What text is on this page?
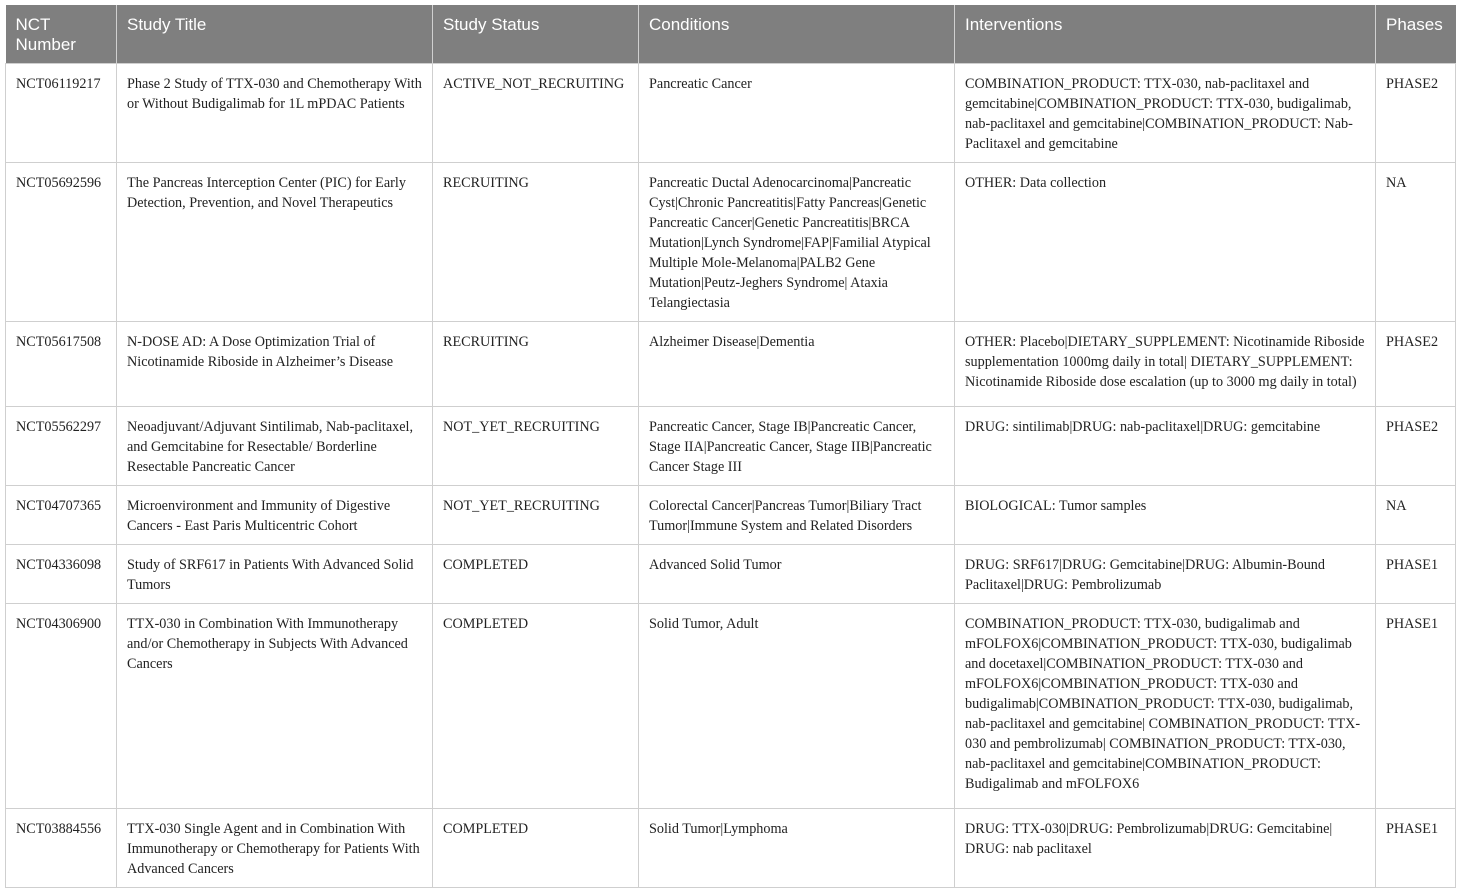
NCT Number	Study Title	Study Status	Conditions	Interventions	Phases
NCT06119217	Phase 2 Study of TTX-030 and Chemotherapy With or Without Budigalimab for 1L mPDAC Patients	ACTIVE_NOT_RECRUITING	Pancreatic Cancer	COMBINATION_PRODUCT: TTX-030, nab-paclitaxel and gemcitabine|COMBINATION_PRODUCT: TTX-030, budigalimab, nab-paclitaxel and gemcitabine|COMBINATION_PRODUCT: Nab-Paclitaxel and gemcitabine	PHASE2
NCT05692596	The Pancreas Interception Center (PIC) for Early Detection, Prevention, and Novel Therapeutics	RECRUITING	Pancreatic Ductal Adenocarcinoma|Pancreatic Cyst|Chronic Pancreatitis|Fatty Pancreas|Genetic Pancreatic Cancer|Genetic Pancreatitis|BRCA Mutation|Lynch Syndrome|FAP|Familial Atypical Multiple Mole-Melanoma|PALB2 Gene Mutation|Peutz-Jeghers Syndrome| Ataxia Telangiectasia	OTHER: Data collection	NA
NCT05617508	N-DOSE AD: A Dose Optimization Trial of Nicotinamide Riboside in Alzheimer’s Disease	RECRUITING	Alzheimer Disease|Dementia	OTHER: Placebo|DIETARY_SUPPLEMENT: Nicotinamide Riboside supplementation 1000mg daily in total| DIETARY_SUPPLEMENT: Nicotinamide Riboside dose escalation (up to 3000 mg daily in total)	PHASE2
NCT05562297	Neoadjuvant/Adjuvant Sintilimab, Nab-paclitaxel, and Gemcitabine for Resectable/ Borderline Resectable Pancreatic Cancer	NOT_YET_RECRUITING	Pancreatic Cancer, Stage IB|Pancreatic Cancer, Stage IIA|Pancreatic Cancer, Stage IIB|Pancreatic Cancer Stage III	DRUG: sintilimab|DRUG: nab-paclitaxel|DRUG: gemcitabine	PHASE2
NCT04707365	Microenvironment and Immunity of Digestive Cancers - East Paris Multicentric Cohort	NOT_YET_RECRUITING	Colorectal Cancer|Pancreas Tumor|Biliary Tract Tumor|Immune System and Related Disorders	BIOLOGICAL: Tumor samples	NA
NCT04336098	Study of SRF617 in Patients With Advanced Solid Tumors	COMPLETED	Advanced Solid Tumor	DRUG: SRF617|DRUG: Gemcitabine|DRUG: Albumin-Bound Paclitaxel|DRUG: Pembrolizumab	PHASE1
NCT04306900	TTX-030 in Combination With Immunotherapy and/or Chemotherapy in Subjects With Advanced Cancers	COMPLETED	Solid Tumor, Adult	COMBINATION_PRODUCT: TTX-030, budigalimab and mFOLFOX6|COMBINATION_PRODUCT: TTX-030, budigalimab and docetaxel|COMBINATION_PRODUCT: TTX-030 and mFOLFOX6|COMBINATION_PRODUCT: TTX-030 and budigalimab|COMBINATION_PRODUCT: TTX-030, budigalimab, nab-paclitaxel and gemcitabine| COMBINATION_PRODUCT: TTX-030 and pembrolizumab| COMBINATION_PRODUCT: TTX-030, nab-paclitaxel and gemcitabine|COMBINATION_PRODUCT: Budigalimab and mFOLFOX6	PHASE1
NCT03884556	TTX-030 Single Agent and in Combination With Immunotherapy or Chemotherapy for Patients With Advanced Cancers	COMPLETED	Solid Tumor|Lymphoma	DRUG: TTX-030|DRUG: Pembrolizumab|DRUG: Gemcitabine| DRUG: nab paclitaxel	PHASE1
